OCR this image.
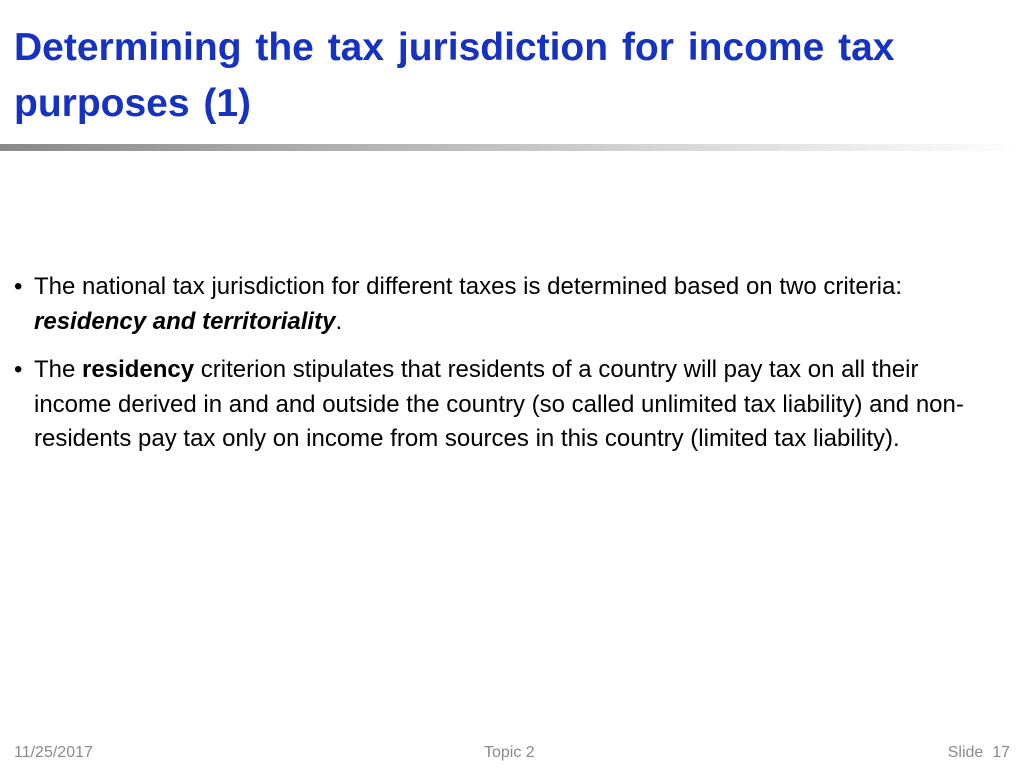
Determining the tax jurisdiction for income tax purposes (1)

• The national tax jurisdiction for different taxes is determined based on two criteria: residency and territoriality.

• The residency criterion stipulates that residents of a country will pay tax on all their income derived in and and outside the country (so called unlimited tax liability) and non-residents pay tax only on income from sources in this country (limited tax liability).

11/25/2017	Topic 2	Slide  17
